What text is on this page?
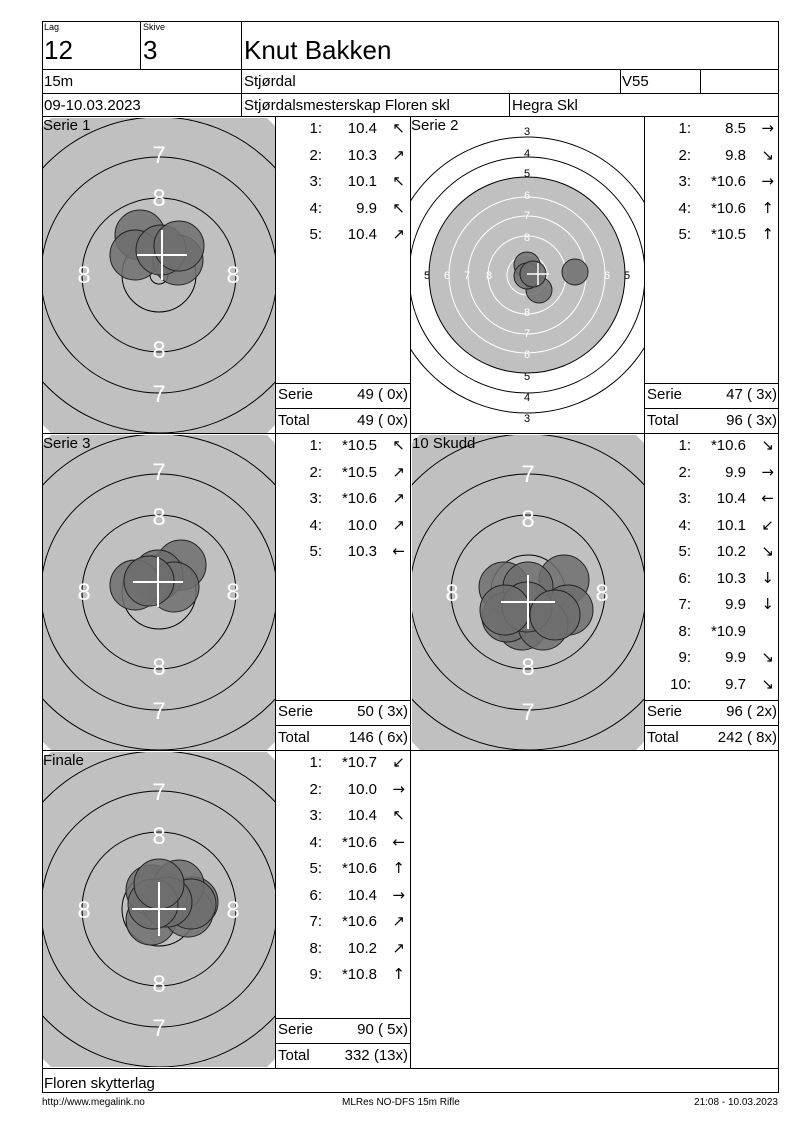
Lag
12
Skive
3	Knut Bakken
15m	Stjørdal	V55
09-10.03.2023	Stjørdalsmesterskap Floren skl	Hegra Skl
7
8
8	8
8
7
Serie 1	3
4
5
6
7
8
5 6 7 8	6 5
8
7
6
5
4
3
Serie 2
7
8
8	8
8
7
Serie 3
7
8
8	8
8
7
10 Skudd
7
8
8	8
8
7
Finale
1: 10.4 ↖
2: 10.3 ↗
3: 10.1 ↖
4: 9.9 ↖
5: 10.4 ↗
Serie	49 ( 0x)
Total	49 ( 0x)
1: 8.5 →
2: 9.8 ↘
3: *10.6 →
4: *10.6 ↑
5: *10.5 ↑
Serie	47 ( 3x)
Total	96 ( 3x)
1: *10.5 ↖
2: *10.5 ↗
3: *10.6 ↗
4: 10.0 ↗
5: 10.3 ←
Serie	50 ( 3x)
Total	146 ( 6x)
1: *10.6 ↘
2: 9.9 →
3: 10.4 ←
4: 10.1 ↙
5: 10.2 ↘
6: 10.3 ↓
7: 9.9 ↓
8: *10.9
9: 9.9 ↘
10: 9.7 ↘
Serie	96 ( 2x)
Total	242 ( 8x)
1: *10.7 ↙
2: 10.0 →
3: 10.4 ↖
4: *10.6 ←
5: *10.6 ↑
6: 10.4 →
7: *10.6 ↗
8: 10.2 ↗
9: *10.8 ↑
Serie	90 ( 5x)
Total	332 (13x)
Floren skytterlag
http://www.megalink.no	MLRes NO-DFS 15m Rifle	21:08 - 10.03.2023
